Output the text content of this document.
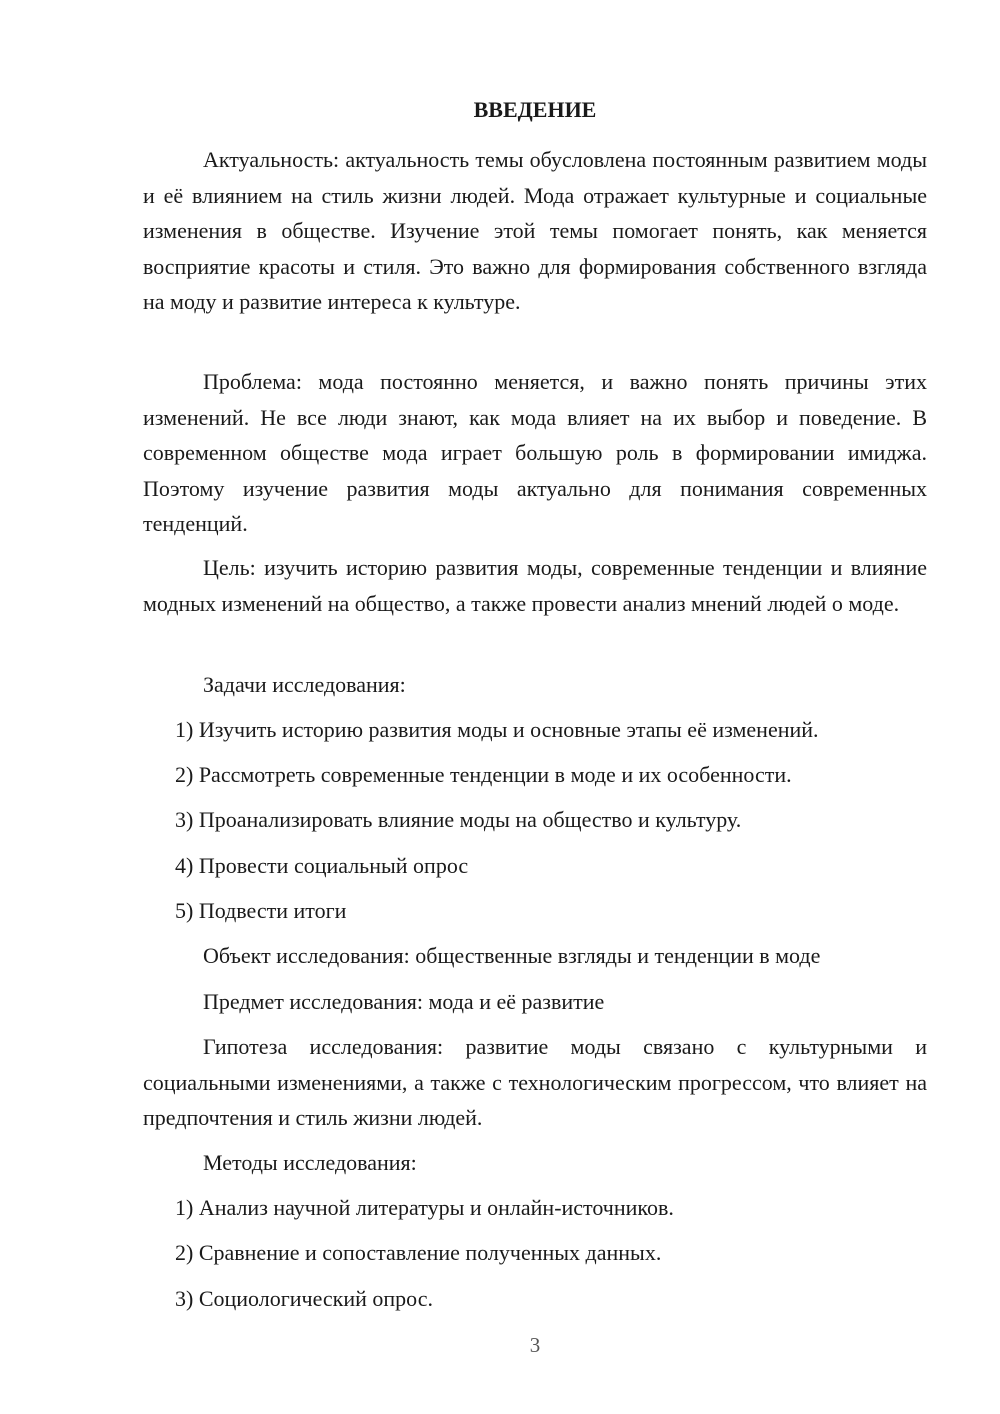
ВВЕДЕНИЕ

Актуальность: актуальность темы обусловлена постоянным развитием моды и её влиянием на стиль жизни людей. Мода отражает культурные и социальные изменения в обществе. Изучение этой темы помогает понять, как меняется восприятие красоты и стиля. Это важно для формирования собственного взгляда на моду и развитие интереса к культуре.

Проблема: мода постоянно меняется, и важно понять причины этих изменений. Не все люди знают, как мода влияет на их выбор и поведение. В современном обществе мода играет большую роль в формировании имиджа. Поэтому изучение развития моды актуально для понимания современных тенденций.

Цель: изучить историю развития моды, современные тенденции и влияние модных изменений на общество, а также провести анализ мнений людей о моде.

Задачи исследования:

1) Изучить историю развития моды и основные этапы её изменений.

2) Рассмотреть современные тенденции в моде и их особенности.

3) Проанализировать влияние моды на общество и культуру.

4) Провести социальный опрос

5) Подвести итоги

Объект исследования: общественные взгляды и тенденции в моде

Предмет исследования: мода и её развитие

Гипотеза исследования: развитие моды связано с культурными и социальными изменениями, а также с технологическим прогрессом, что влияет на предпочтения и стиль жизни людей.

Методы исследования:

1) Анализ научной литературы и онлайн-источников.

2) Сравнение и сопоставление полученных данных.

3) Социологический опрос.

3
